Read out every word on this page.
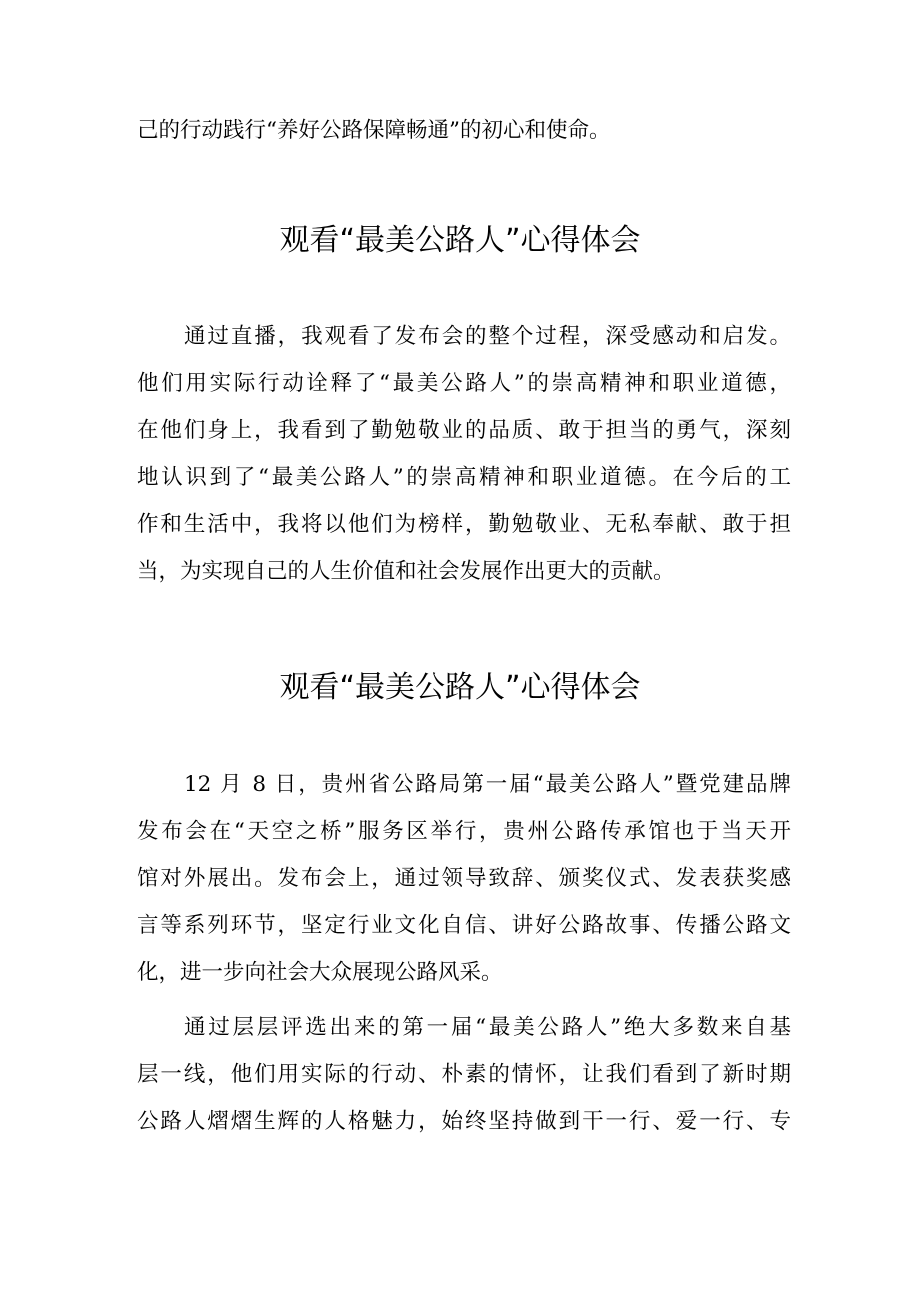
己的行动践行“养好公路保障畅通”的初心和使命。
观看“最美公路人”心得体会
通过直播，我观看了发布会的整个过程，深受感动和启发。
他们用实际行动诠释了“最美公路人”的崇高精神和职业道德，
在他们身上，我看到了勤勉敬业的品质、敢于担当的勇气，深刻
地认识到了“最美公路人”的崇高精神和职业道德。在今后的工
作和生活中，我将以他们为榜样，勤勉敬业、无私奉献、敢于担
当，为实现自己的人生价值和社会发展作出更大的贡献。
观看“最美公路人”心得体会
12 月 8 日，贵州省公路局第一届“最美公路人”暨党建品牌
发布会在“天空之桥”服务区举行，贵州公路传承馆也于当天开
馆对外展出。发布会上，通过领导致辞、颁奖仪式、发表获奖感
言等系列环节，坚定行业文化自信、讲好公路故事、传播公路文
化，进一步向社会大众展现公路风采。
通过层层评选出来的第一届“最美公路人”绝大多数来自基
层一线，他们用实际的行动、朴素的情怀，让我们看到了新时期
公路人熠熠生辉的人格魅力，始终坚持做到干一行、爱一行、专
